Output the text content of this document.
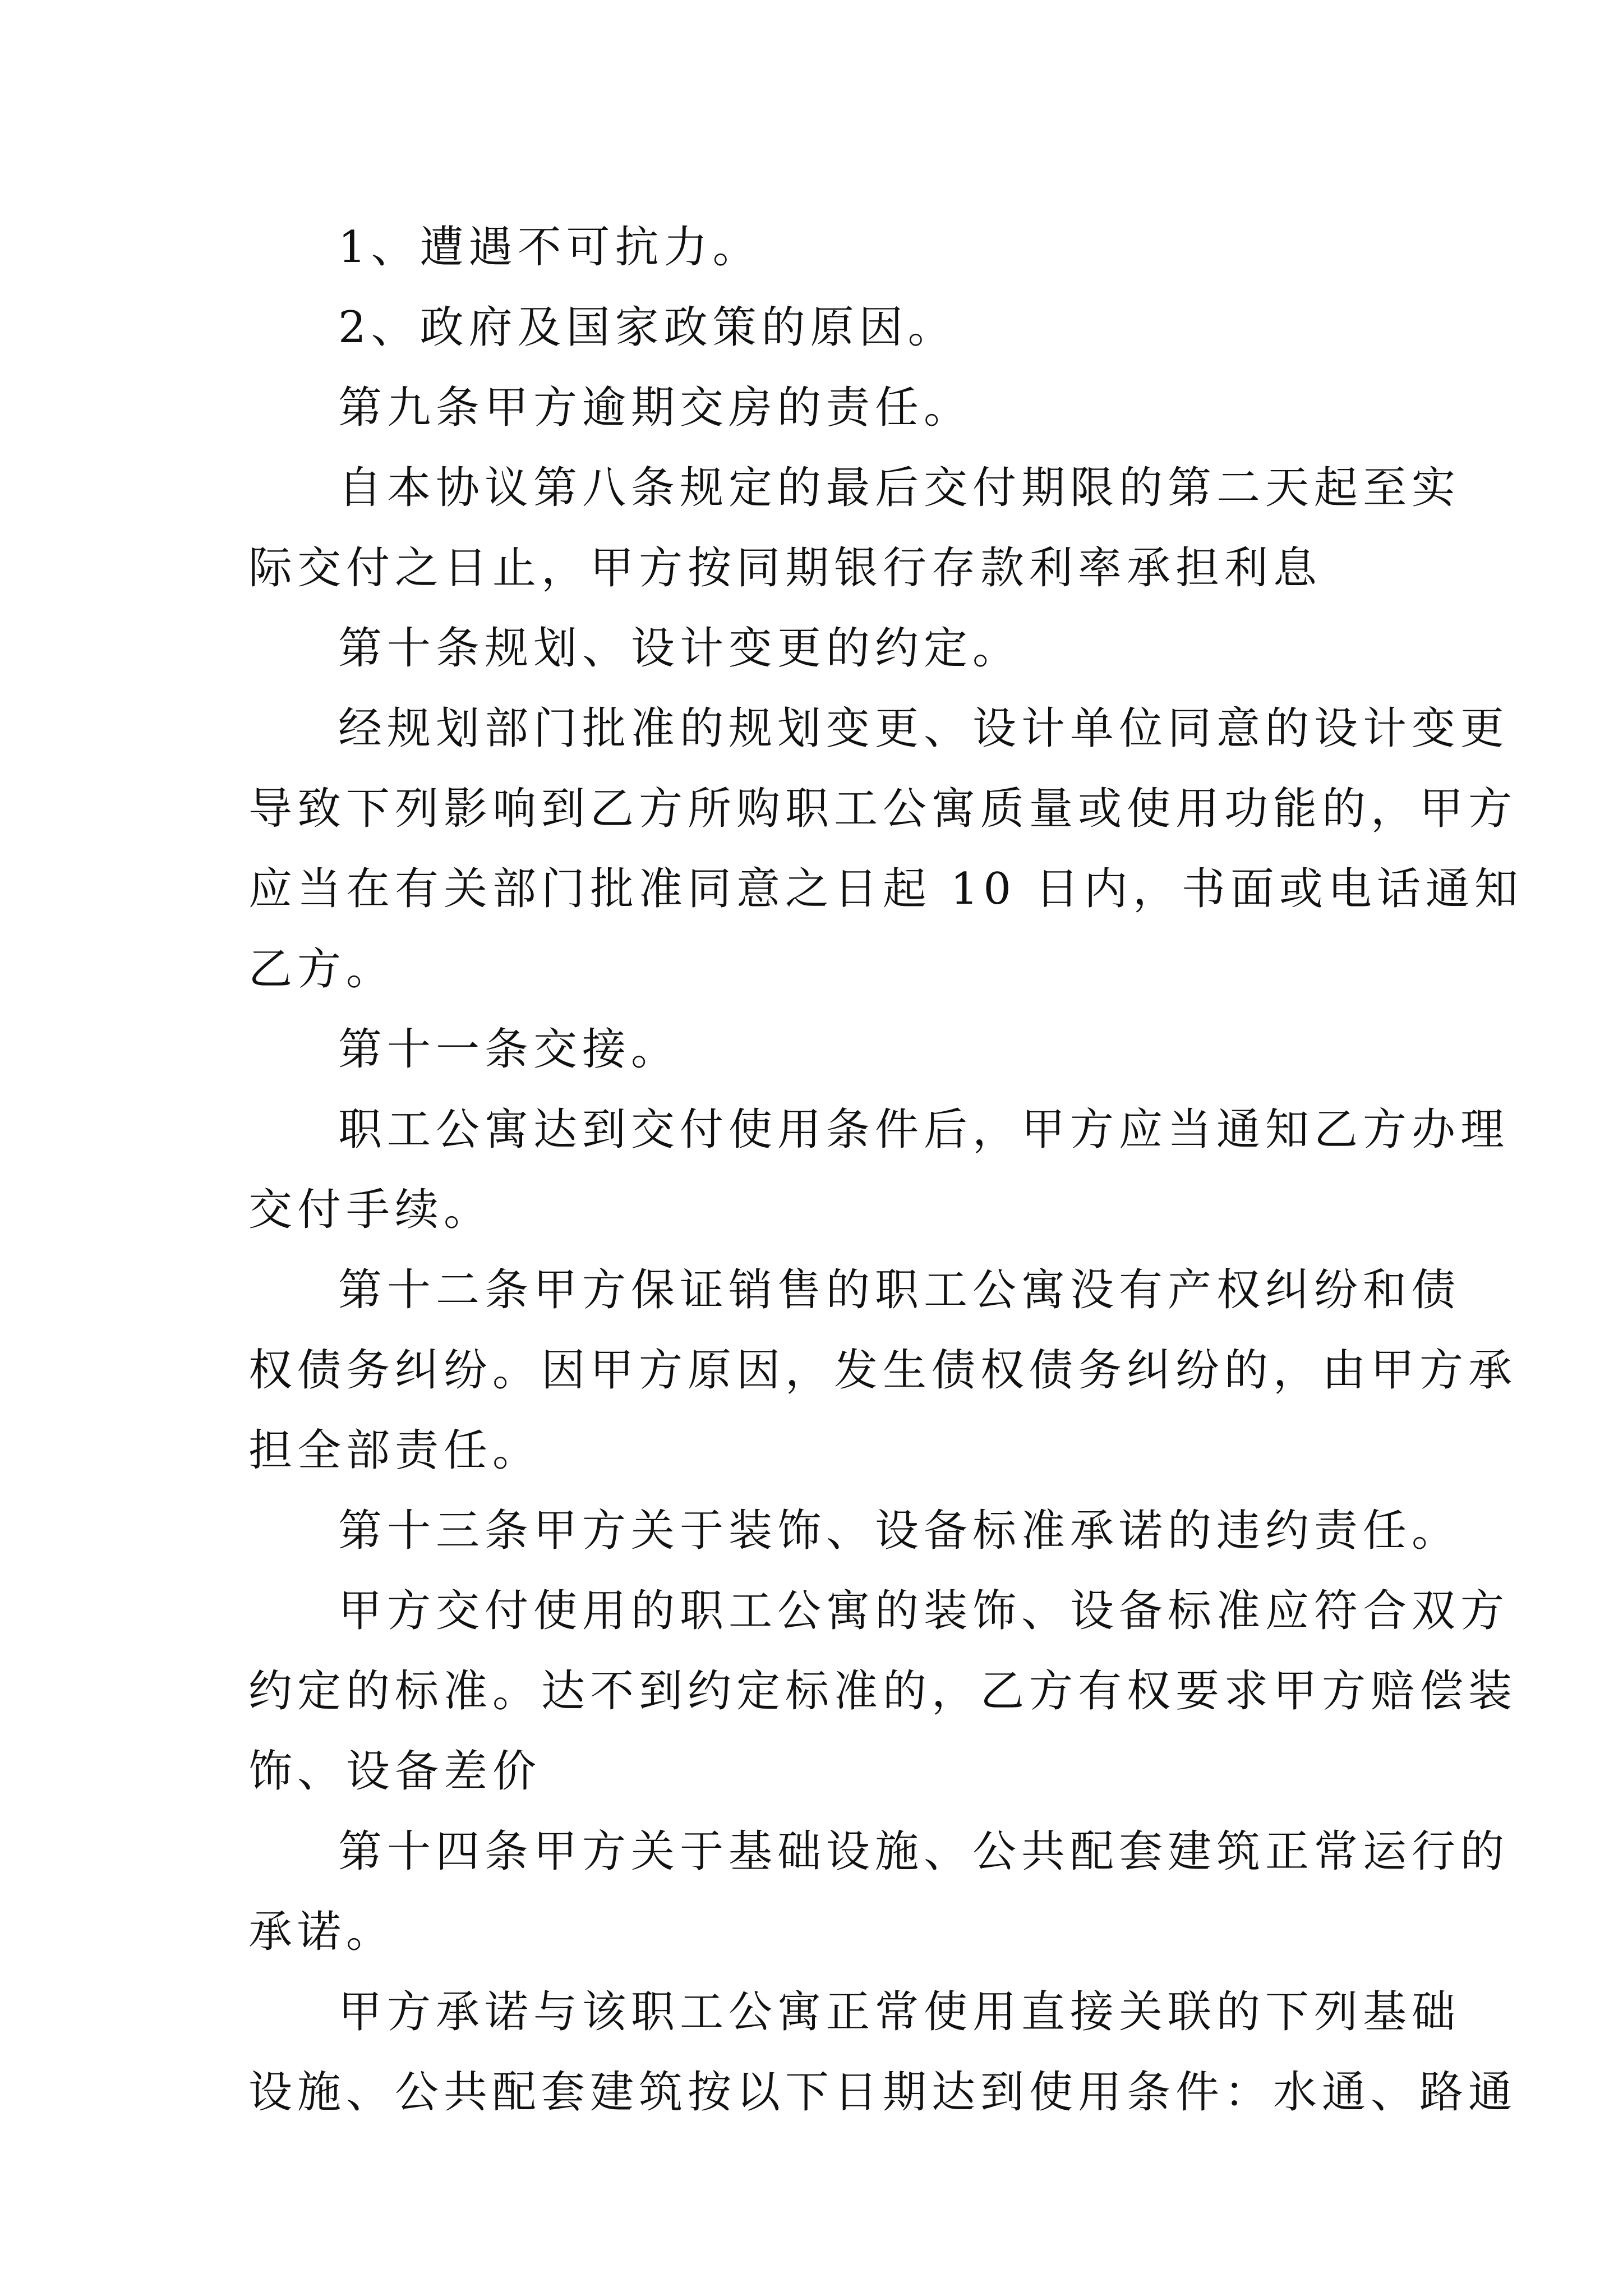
1、遭遇不可抗力。
2、政府及国家政策的原因。
第九条甲方逾期交房的责任。
自本协议第八条规定的最后交付期限的第二天起至实
际交付之日止，甲方按同期银行存款利率承担利息
第十条规划、设计变更的约定。
经规划部门批准的规划变更、设计单位同意的设计变更
导致下列影响到乙方所购职工公寓质量或使用功能的，甲方
应当在有关部门批准同意之日起 10 日内，书面或电话通知
乙方。
第十一条交接。
职工公寓达到交付使用条件后，甲方应当通知乙方办理
交付手续。
第十二条甲方保证销售的职工公寓没有产权纠纷和债
权债务纠纷。因甲方原因，发生债权债务纠纷的，由甲方承
担全部责任。
第十三条甲方关于装饰、设备标准承诺的违约责任。
甲方交付使用的职工公寓的装饰、设备标准应符合双方
约定的标准。达不到约定标准的，乙方有权要求甲方赔偿装
饰、设备差价
第十四条甲方关于基础设施、公共配套建筑正常运行的
承诺。
甲方承诺与该职工公寓正常使用直接关联的下列基础
设施、公共配套建筑按以下日期达到使用条件：水通、路通
